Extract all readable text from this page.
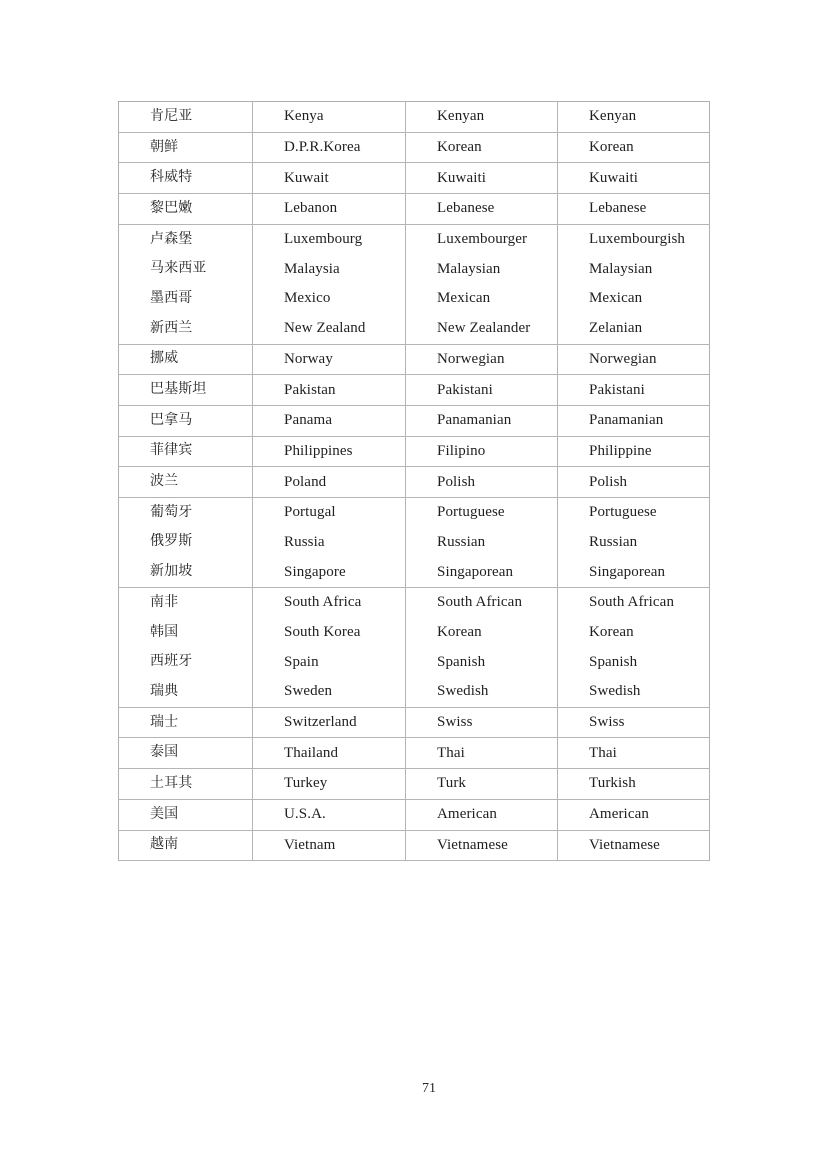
肯尼亚	Kenya	Kenyan	Kenyan
朝鲜	D.P.R.Korea	Korean	Korean
科威特	Kuwait	Kuwaiti	Kuwaiti
黎巴嫩	Lebanon	Lebanese	Lebanese
卢森堡	Luxembourg	Luxembourger	Luxembourgish
马来西亚	Malaysia	Malaysian	Malaysian
墨西哥	Mexico	Mexican	Mexican
新西兰	New Zealand	New Zealander	Zelanian
挪威	Norway	Norwegian	Norwegian
巴基斯坦	Pakistan	Pakistani	Pakistani
巴拿马	Panama	Panamanian	Panamanian
菲律宾	Philippines	Filipino	Philippine
波兰	Poland	Polish	Polish
葡萄牙	Portugal	Portuguese	Portuguese
俄罗斯	Russia	Russian	Russian
新加坡	Singapore	Singaporean	Singaporean
南非	South Africa	South African	South African
韩国	South Korea	Korean	Korean
西班牙	Spain	Spanish	Spanish
瑞典	Sweden	Swedish	Swedish
瑞士	Switzerland	Swiss	Swiss
泰国	Thailand	Thai	Thai
土耳其	Turkey	Turk	Turkish
美国	U.S.A.	American	American
越南	Vietnam	Vietnamese	Vietnamese
71
